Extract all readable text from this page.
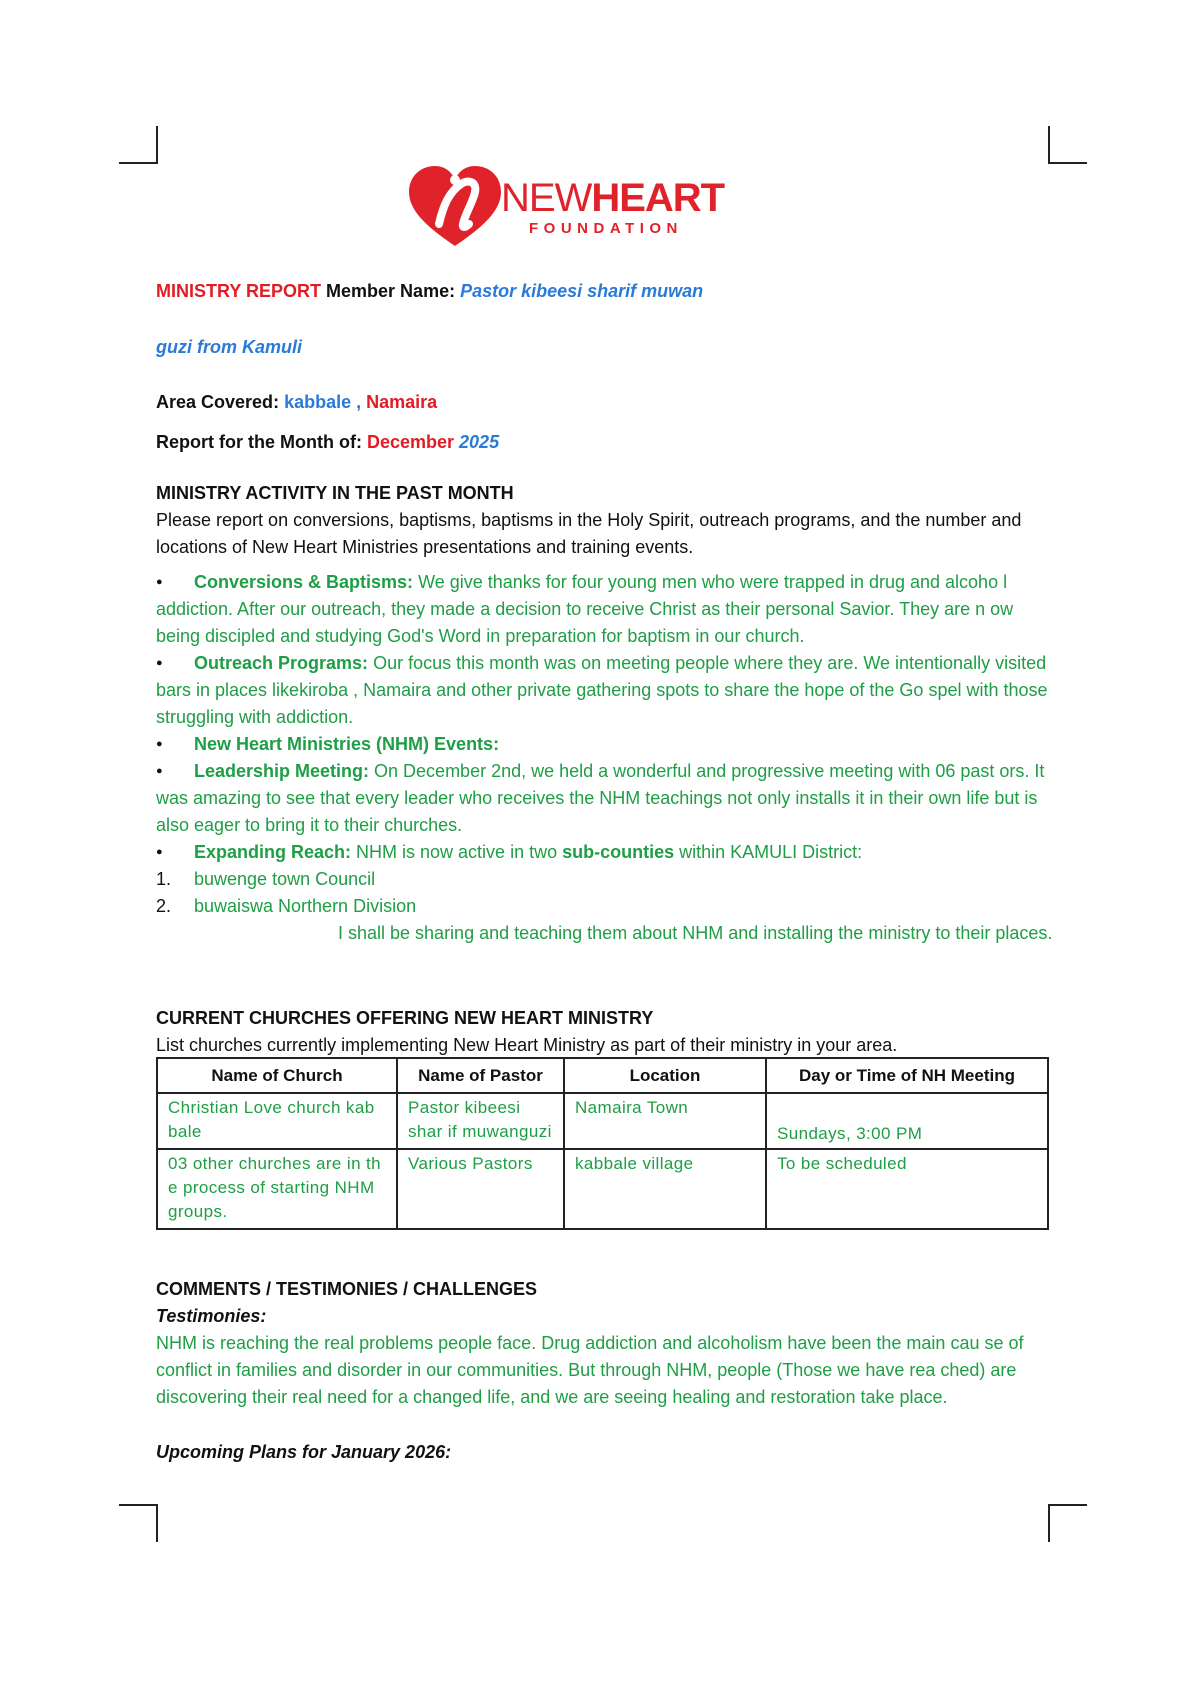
NEWHEART
FOUNDATION
MINISTRY REPORT Member Name: Pastor kibeesi sharif muwan
guzi from Kamuli
Area Covered: kabbale , Namaira
Report for the Month of: December 2025
MINISTRY ACTIVITY IN THE PAST MONTH
Please report on conversions, baptisms, baptisms in the Holy Spirit, outreach programs, and the number and locations of New Heart Ministries presentations and training events.
● Conversions & Baptisms: We give thanks for four young men who were trapped in drug and alcoho l addiction. After our outreach, they made a decision to receive Christ as their personal Savior. They are n ow being discipled and studying God's Word in preparation for baptism in our church.
● Outreach Programs: Our focus this month was on meeting people where they are. We intentionally visited bars in places likekiroba , Namaira and other private gathering spots to share the hope of the Go spel with those struggling with addiction.
● New Heart Ministries (NHM) Events:
● Leadership Meeting: On December 2nd, we held a wonderful and progressive meeting with 06 past ors. It was amazing to see that every leader who receives the NHM teachings not only installs it in their own life but is also eager to bring it to their churches.
● Expanding Reach: NHM is now active in two sub-counties within KAMULI District:
1. buwenge town Council
2. buwaiswa Northern Division
I shall be sharing and teaching them about NHM and installing the ministry to their places.
CURRENT CHURCHES OFFERING NEW HEART MINISTRY
List churches currently implementing New Heart Ministry as part of their ministry in your area.
Name of Church	Name of Pastor	Location	Day or Time of NH Meeting
Christian Love church kab bale	Pastor kibeesi shar if muwanguzi	Namaira Town	Sundays, 3:00 PM
03 other churches are in th e process of starting NHM groups.	Various Pastors	kabbale village	To be scheduled
COMMENTS / TESTIMONIES / CHALLENGES
Testimonies:
NHM is reaching the real problems people face. Drug addiction and alcoholism have been the main cau se of conflict in families and disorder in our communities. But through NHM, people (Those we have rea ched) are discovering their real need for a changed life, and we are seeing healing and restoration take place.
Upcoming Plans for January 2026:
